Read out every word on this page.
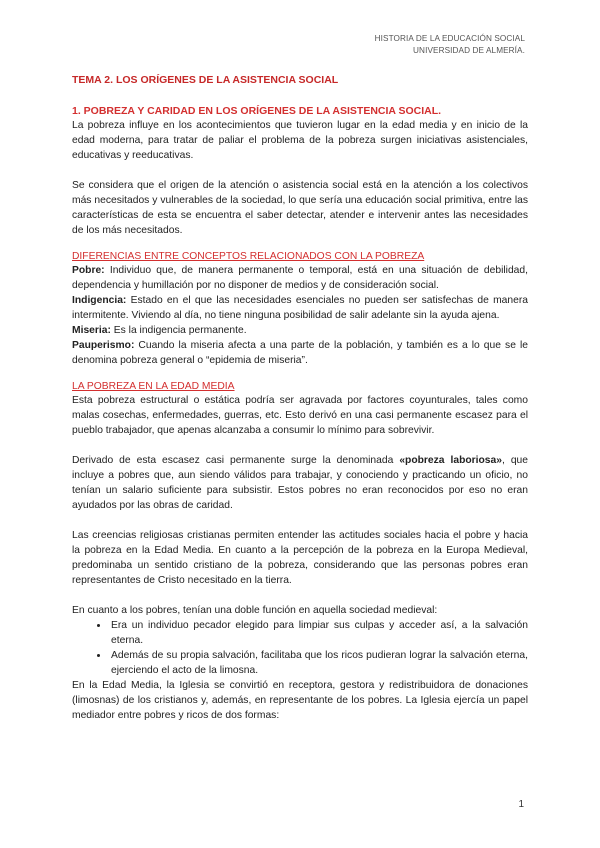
HISTORIA DE LA EDUCACIÓN SOCIAL
UNIVERSIDAD DE ALMERÍA.
TEMA 2. LOS ORÍGENES DE LA ASISTENCIA SOCIAL
1. POBREZA Y CARIDAD EN LOS ORÍGENES DE LA ASISTENCIA SOCIAL.

La pobreza influye en los acontecimientos que tuvieron lugar en la edad media y en inicio de la edad moderna, para tratar de paliar el problema de la pobreza surgen iniciativas asistenciales, educativas y reeducativas.

Se considera que el origen de la atención o asistencia social está en la atención a los colectivos más necesitados y vulnerables de la sociedad, lo que sería una educación social primitiva, entre las características de esta se encuentra el saber detectar, atender e intervenir antes las necesidades de los más necesitados.

DIFERENCIAS ENTRE CONCEPTOS RELACIONADOS CON LA POBREZA

Pobre: Individuo que, de manera permanente o temporal, está en una situación de debilidad, dependencia y humillación por no disponer de medios y de consideración social.

Indigencia: Estado en el que las necesidades esenciales no pueden ser satisfechas de manera intermitente. Viviendo al día, no tiene ninguna posibilidad de salir adelante sin la ayuda ajena.

Miseria: Es la indigencia permanente.

Pauperismo: Cuando la miseria afecta a una parte de la población, y también es a lo que se le denomina pobreza general o “epidemia de miseria”.

LA POBREZA EN LA EDAD MEDIA

Esta pobreza estructural o estática podría ser agravada por factores coyunturales, tales como malas cosechas, enfermedades, guerras, etc. Esto derivó en una casi permanente escasez para el pueblo trabajador, que apenas alcanzaba a consumir lo mínimo para sobrevivir.

Derivado de esta escasez casi permanente surge la denominada «pobreza laboriosa», que incluye a pobres que, aun siendo válidos para trabajar, y conociendo y practicando un oficio, no tenían un salario suficiente para subsistir. Estos pobres no eran reconocidos por eso no eran ayudados por las obras de caridad.

Las creencias religiosas cristianas permiten entender las actitudes sociales hacia el pobre y hacia la pobreza en la Edad Media. En cuanto a la percepción de la pobreza en la Europa Medieval, predominaba un sentido cristiano de la pobreza, considerando que las personas pobres eran representantes de Cristo necesitado en la tierra.

En cuanto a los pobres, tenían una doble función en aquella sociedad medieval:

• Era un individuo pecador elegido para limpiar sus culpas y acceder así, a la salvación eterna.
• Además de su propia salvación, facilitaba que los ricos pudieran lograr la salvación eterna, ejerciendo el acto de la limosna.

En la Edad Media, la Iglesia se convirtió en receptora, gestora y redistribuidora de donaciones (limosnas) de los cristianos y, además, en representante de los pobres. La Iglesia ejercía un papel mediador entre pobres y ricos de dos formas:

1
